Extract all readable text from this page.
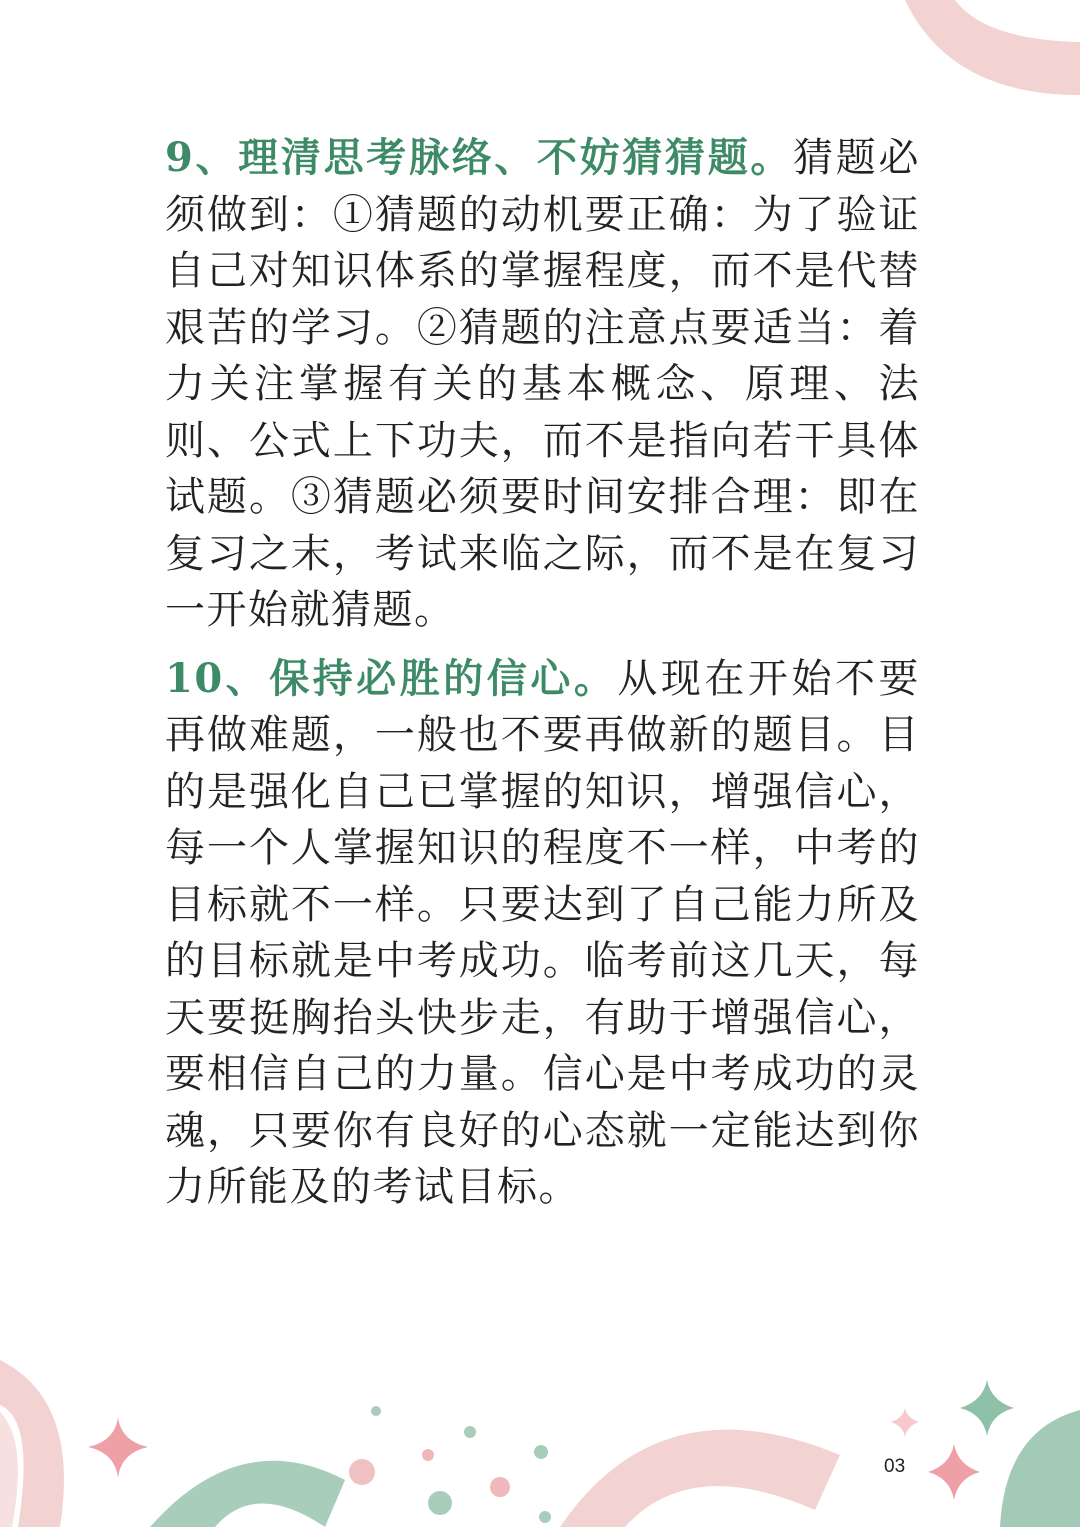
9、理清思考脉络、不妨猜猜题。猜题必须做到：①猜题的动机要正确：为了验证自己对知识体系的掌握程度，而不是代替艰苦的学习。②猜题的注意点要适当：着力关注掌握有关的基本概念、原理、法则、公式上下功夫，而不是指向若干具体试题。③猜题必须要时间安排合理：即在复习之末，考试来临之际，而不是在复习一开始就猜题。

10、保持必胜的信心。从现在开始不要再做难题，一般也不要再做新的题目。目的是强化自己已掌握的知识，增强信心，每一个人掌握知识的程度不一样，中考的目标就不一样。只要达到了自己能力所及的目标就是中考成功。临考前这几天，每天要挺胸抬头快步走，有助于增强信心，要相信自己的力量。信心是中考成功的灵魂，只要你有良好的心态就一定能达到你力所能及的考试目标。

03
